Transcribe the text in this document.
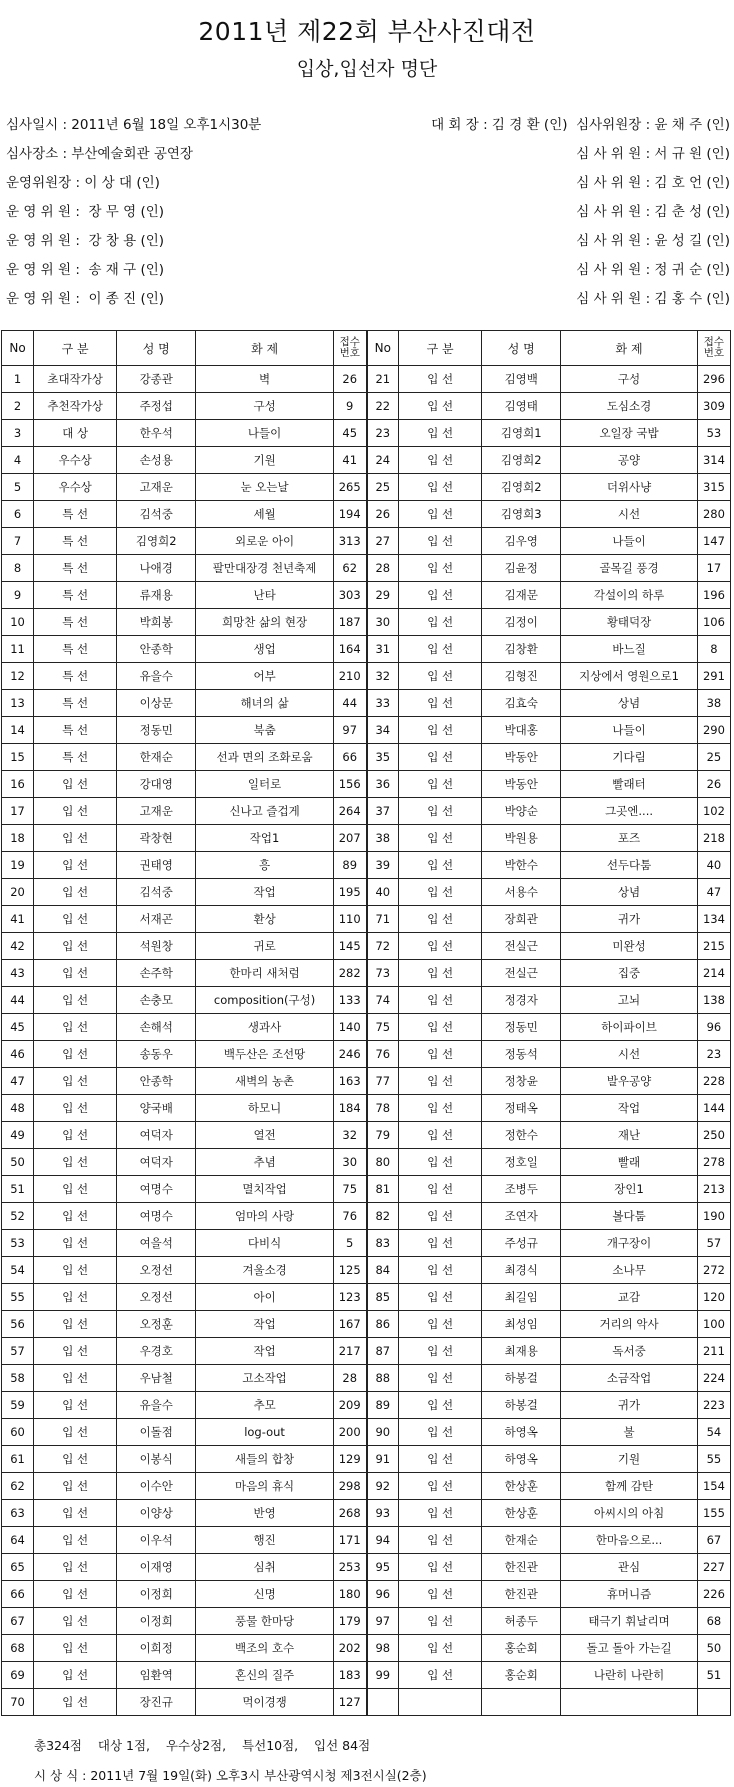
2011년 제22회 부산사진대전
입상,입선자 명단
심사일시 : 2011년 6월 18일 오후1시30분	대 회 장 : 김 경 환 (인)  심사위원장 : 윤 채 주 (인)
심사장소 : 부산예술회관 공연장	심 사 위 원 : 서 규 원 (인)
운영위원장 : 이 상 대 (인)	심 사 위 원 : 김 호 언 (인)
운 영 위 원 :  장 무 영 (인)	심 사 위 원 : 김 춘 성 (인)
운 영 위 원 :  강 창 용 (인)	심 사 위 원 : 윤 성 길 (인)
운 영 위 원 :  송 재 구 (인)	심 사 위 원 : 정 귀 순 (인)
운 영 위 원 :  이 종 진 (인)	심 사 위 원 : 김 홍 수 (인)
No	구 분	성 명	화 제	접수
번호	No	구 분	성 명	화 제	접수
번호
1	초대작가상	강종관	벽	26	21	입 선	김영백	구성	296
2	추천작가상	주정섭	구성	9	22	입 선	김영태	도심소경	309
3	대 상	한우석	나들이	45	23	입 선	김영희1	오일장 국밥	53
4	우수상	손성용	기원	41	24	입 선	김영희2	공양	314
5	우수상	고재운	눈 오는날	265	25	입 선	김영희2	더위사냥	315
6	특 선	김석중	세월	194	26	입 선	김영희3	시선	280
7	특 선	김영희2	외로운 아이	313	27	입 선	김우영	나들이	147
8	특 선	나애경	팔만대장경 천년축제	62	28	입 선	김윤정	골목길 풍경	17
9	특 선	류재용	난타	303	29	입 선	김재문	각설이의 하루	196
10	특 선	박희봉	희망찬 삶의 현장	187	30	입 선	김정이	황태덕장	106
11	특 선	안종학	생업	164	31	입 선	김창환	바느질	8
12	특 선	유을수	어부	210	32	입 선	김형진	지상에서 영원으로1	291
13	특 선	이상문	해녀의 삶	44	33	입 선	김효숙	상념	38
14	특 선	정동민	북춤	97	34	입 선	박대홍	나들이	290
15	특 선	한재순	선과 면의 조화로움	66	35	입 선	박동안	기다림	25
16	입 선	강대영	일터로	156	36	입 선	박동안	빨래터	26
17	입 선	고재운	신나고 즐겁게	264	37	입 선	박양순	그곳엔....	102
18	입 선	곽창현	작업1	207	38	입 선	박원용	포즈	218
19	입 선	권태영	흥	89	39	입 선	박한수	선두다툼	40
20	입 선	김석중	작업	195	40	입 선	서용수	상념	47
41	입 선	서재곤	환상	110	71	입 선	장희관	귀가	134
42	입 선	석원창	귀로	145	72	입 선	전실근	미완성	215
43	입 선	손주학	한마리 새처럼	282	73	입 선	전실근	집중	214
44	입 선	손충모	composition(구성)	133	74	입 선	정경자	고뇌	138
45	입 선	손해석	생과사	140	75	입 선	정동민	하이파이브	96
46	입 선	송동우	백두산은 조선땅	246	76	입 선	정동석	시선	23
47	입 선	안종학	새벽의 농촌	163	77	입 선	정창윤	발우공양	228
48	입 선	양국배	하모니	184	78	입 선	정태옥	작업	144
49	입 선	여덕자	열전	32	79	입 선	정한수	재난	250
50	입 선	여덕자	추념	30	80	입 선	정호일	빨래	278
51	입 선	여명수	멸치작업	75	81	입 선	조병두	장인1	213
52	입 선	여명수	엄마의 사랑	76	82	입 선	조연자	볼다툼	190
53	입 선	여을석	다비식	5	83	입 선	주성규	개구장이	57
54	입 선	오정선	겨울소경	125	84	입 선	최경식	소나무	272
55	입 선	오정선	아이	123	85	입 선	최길임	교감	120
56	입 선	오정훈	작업	167	86	입 선	최성임	거리의 악사	100
57	입 선	우경호	작업	217	87	입 선	최재용	독서중	211
58	입 선	우남철	고소작업	28	88	입 선	하봉걸	소금작업	224
59	입 선	유을수	추모	209	89	입 선	하봉걸	귀가	223
60	입 선	이돌점	log-out	200	90	입 선	하영옥	불	54
61	입 선	이봉식	새들의 합창	129	91	입 선	하영옥	기원	55
62	입 선	이수안	마음의 휴식	298	92	입 선	한상훈	함께 감탄	154
63	입 선	이양상	반영	268	93	입 선	한상훈	아씨시의 아침	155
64	입 선	이우석	행진	171	94	입 선	한재순	한마음으로...	67
65	입 선	이재영	심취	253	95	입 선	한진관	관심	227
66	입 선	이정희	신명	180	96	입 선	한진관	휴머니즘	226
67	입 선	이정희	풍물 한마당	179	97	입 선	허종두	태극기 휘날리며	68
68	입 선	이희정	백조의 호수	202	98	입 선	홍순회	돌고 돌아 가는길	50
69	입 선	임환역	혼신의 질주	183	99	입 선	홍순회	나란히 나란히	51
70	입 선	장진규	먹이경쟁	127					
총324점    대상 1점,    우수상2점,    특선10점,    입선 84점
시 상 식 : 2011년 7월 19일(화) 오후3시 부산광역시청 제3전시실(2층)
